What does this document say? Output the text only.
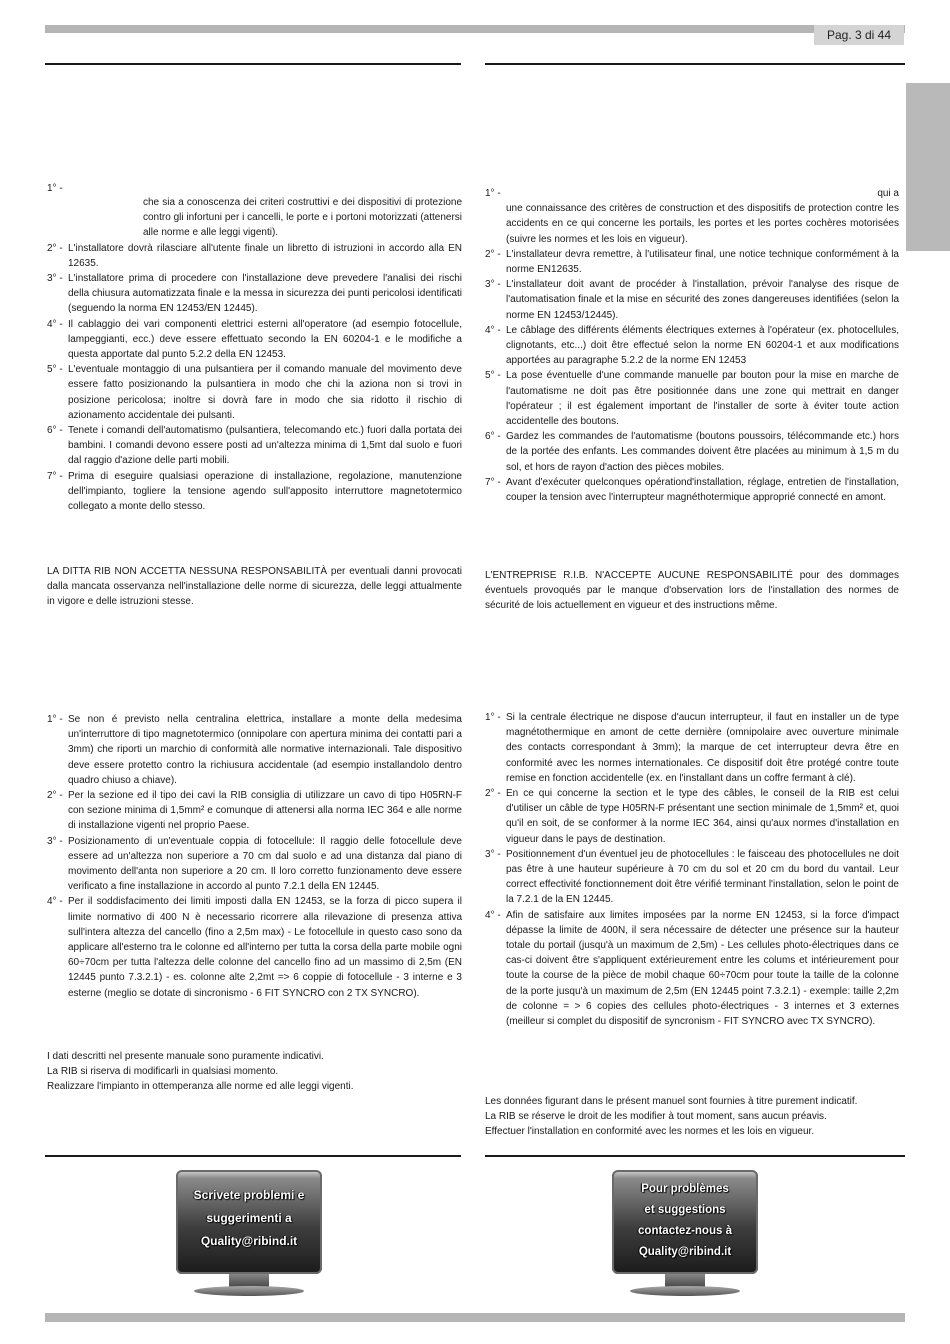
Pag. 3 di 44
1° -
che sia a conoscenza dei criteri costruttivi e dei dispositivi di protezione contro gli infortuni per i cancelli, le porte e i portoni motorizzati (attenersi alle norme e alle leggi vigenti).
2° - L'installatore dovrà rilasciare all'utente finale un libretto di istruzioni in accordo alla EN 12635.
3° - L'installatore prima di procedere con l'installazione deve prevedere l'analisi dei rischi della chiusura automatizzata finale e la messa in sicurezza dei punti pericolosi identificati (seguendo la norma EN 12453/EN 12445).
4° - Il cablaggio dei vari componenti elettrici esterni all'operatore (ad esempio fotocellule, lampeggianti, ecc.) deve essere effettuato secondo la EN 60204-1 e le modifiche a questa apportate dal punto 5.2.2 della EN 12453.
5° - L'eventuale montaggio di una pulsantiera per il comando manuale del movimento deve essere fatto posizionando la pulsantiera in modo che chi la aziona non si trovi in posizione pericolosa; inoltre si dovrà fare in modo che sia ridotto il rischio di azionamento accidentale dei pulsanti.
6° - Tenete i comandi dell'automatismo (pulsantiera, telecomando etc.) fuori dalla portata dei bambini. I comandi devono essere posti ad un'altezza minima di 1,5mt dal suolo e fuori dal raggio d'azione delle parti mobili.
7° - Prima di eseguire qualsiasi operazione di installazione, regolazione, manutenzione dell'impianto, togliere la tensione agendo sull'apposito interruttore magnetotermico collegato a monte dello stesso.
1° -	qui a
une connaissance des critères de construction et des dispositifs de protection contre les accidents en ce qui concerne les portails, les portes et les portes cochères motorisées (suivre les normes et les lois en vigueur).
2° - L'installateur devra remettre, à l'utilisateur final, une notice technique conformément à la norme EN12635.
3° - L'installateur doit avant de procéder à l'installation, prévoir l'analyse des risque de l'automatisation finale et la mise en sécurité des zones dangereuses identifiées (selon la norme EN 12453/12445).
4° - Le câblage des différents éléments électriques externes à l'opérateur (ex. photocellules, clignotants, etc...) doit être effectué selon la norme EN 60204-1 et aux modifications apportées au paragraphe 5.2.2 de la norme EN 12453
5° - La pose éventuelle d'une commande manuelle par bouton pour la mise en marche de l'automatisme ne doit pas être positionnée dans une zone qui mettrait en danger l'opérateur ; il est également important de l'installer de sorte à éviter toute action accidentelle des boutons.
6° - Gardez les commandes de l'automatisme (boutons poussoirs, télécommande etc.) hors de la portée des enfants. Les commandes doivent être placées au minimum à 1,5 m du sol, et hors de rayon d'action des pièces mobiles.
7° - Avant d'exécuter quelconques opérationd'installation, réglage, entretien de l'installation, couper la tension avec l'interrupteur magnéthotermique approprié connecté en amont.

LA DITTA RIB NON ACCETTA NESSUNA RESPONSABILITÀ per eventuali danni provocati dalla mancata osservanza nell'installazione delle norme di sicurezza, delle leggi attualmente in vigore e delle istruzioni stesse.

L'ENTREPRISE R.I.B. N'ACCEPTE AUCUNE RESPONSABILITÉ pour des dommages éventuels provoqués par le manque d'observation lors de l'installation des normes de sécurité de lois actuellement en vigueur et des instructions même.

1° - Se non é previsto nella centralina elettrica, installare a monte della medesima un'interruttore di tipo magnetotermico (onnipolare con apertura minima dei contatti pari a 3mm) che riporti un marchio di conformità alle normative internazionali. Tale dispositivo deve essere protetto contro la richiusura accidentale (ad esempio installandolo dentro quadro chiuso a chiave).
2° - Per la sezione ed il tipo dei cavi la RIB consiglia di utilizzare un cavo di tipo H05RN-F con sezione minima di 1,5mm² e comunque di attenersi alla norma IEC 364 e alle norme di installazione vigenti nel proprio Paese.
3° - Posizionamento di un'eventuale coppia di fotocellule: Il raggio delle fotocellule deve essere ad un'altezza non superiore a 70 cm dal suolo e ad una distanza dal piano di movimento dell'anta non superiore a 20 cm. Il loro corretto funzionamento deve essere verificato a fine installazione in accordo al punto 7.2.1 della EN 12445.
4° - Per il soddisfacimento dei limiti imposti dalla EN 12453, se la forza di picco supera il limite normativo di 400 N è necessario ricorrere alla rilevazione di presenza attiva sull'intera altezza del cancello (fino a 2,5m max) - Le fotocellule in questo caso sono da applicare all'esterno tra le colonne ed all'interno per tutta la corsa della parte mobile ogni 60÷70cm per tutta l'altezza delle colonne del cancello fino ad un massimo di 2,5m (EN 12445 punto 7.3.2.1) - es. colonne alte 2,2mt => 6 coppie di fotocellule - 3 interne e 3 esterne (meglio se dotate di sincronismo - 6 FIT SYNCRO con 2 TX SYNCRO).
1° - Si la centrale électrique ne dispose d'aucun interrupteur, il faut en installer un de type magnétothermique en amont de cette dernière (omnipolaire avec ouverture minimale des contacts correspondant à 3mm); la marque de cet interrupteur devra être en conformité avec les normes internationales. Ce dispositif doit être protégé contre toute remise en fonction accidentelle (ex. en l'installant dans un coffre fermant à clé).
2° - En ce qui concerne la section et le type des câbles, le conseil de la RIB est celui d'utiliser un câble de type H05RN-F présentant une section minimale de 1,5mm² et, quoi qu'il en soit, de se conformer à la norme IEC 364, ainsi qu'aux normes d'installation en vigueur dans le pays de destination.
3° - Positionnement d'un éventuel jeu de photocellules : le faisceau des photocellules ne doit pas être à une hauteur supérieure à 70 cm du sol et 20 cm du bord du vantail. Leur correct effectivité fonctionnement doit être vérifié terminant l'installation, selon le point de la 7.2.1 de la EN 12445.
4° - Afin de satisfaire aux limites imposées par la norme EN 12453, si la force d'impact dépasse la limite de 400N, il sera nécessaire de détecter une présence sur la hauteur totale du portail (jusqu'à un maximum de 2,5m) - Les cellules photo-électriques dans ce cas-ci doivent être s'appliquent extérieurement entre les colums et intérieurement pour toute la course de la pièce de mobil chaque 60÷70cm pour toute la taille de la colonne de la porte jusqu'à un maximum de 2,5m (EN 12445 point 7.3.2.1) - exemple: taille 2,2m de colonne = > 6 copies des cellules photo-électriques - 3 internes et 3 externes (meilleur si complet du dispositif de syncronism - FIT SYNCRO avec TX SYNCRO).

I dati descritti nel presente manuale sono puramente indicativi.

La RIB si riserva di modificarli in qualsiasi momento.

Realizzare l'impianto in ottemperanza alle norme ed alle leggi vigenti.

Les données figurant dans le présent manuel sont fournies à titre purement indicatif.

La RIB se réserve le droit de les modifier à tout moment, sans aucun préavis.

Effectuer l'installation en conformité avec les normes et les lois en vigueur.

Scrivete problemi e
suggerimenti a
Quality@ribind.it
Pour problèmes
et suggestions
contactez-nous à
Quality@ribind.it
